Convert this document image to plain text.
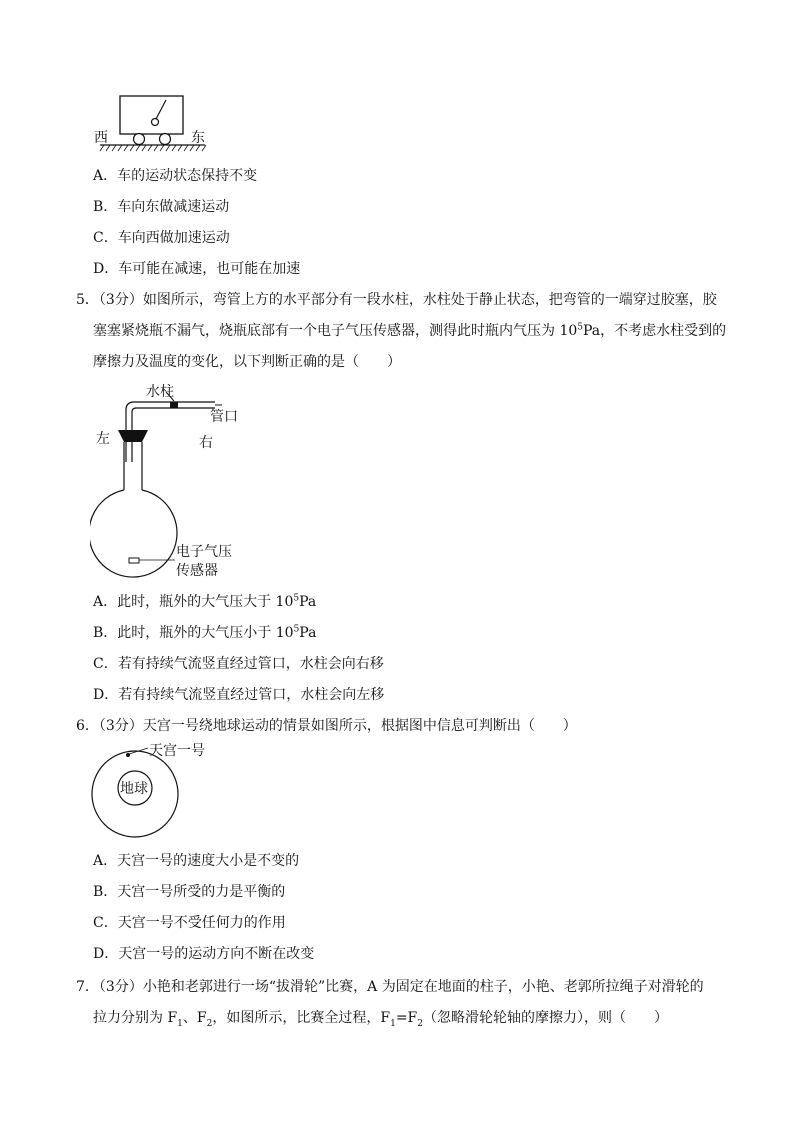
西	东
A．车的运动状态保持不变
B．车向东做减速运动
C．车向西做加速运动
D．车可能在减速，也可能在加速
5．（3分）如图所示，弯管上方的水平部分有一段水柱，水柱处于静止状态，把弯管的一端穿过胶塞，胶
塞塞紧烧瓶不漏气，烧瓶底部有一个电子气压传感器，测得此时瓶内气压为 $10^5Pa$，不考虑水柱受到的
摩擦力及温度的变化，以下判断正确的是（　　）
水柱
管口
左	右
电子气压
传感器
A．此时，瓶外的大气压大于 $10^5Pa$
B．此时，瓶外的大气压小于 $10^5Pa$
C．若有持续气流竖直经过管口，水柱会向右移
D．若有持续气流竖直经过管口，水柱会向左移
6．（3分）天宫一号绕地球运动的情景如图所示，根据图中信息可判断出（　　）
天宫一号
地球
A．天宫一号的速度大小是不变的
B．天宫一号所受的力是平衡的
C．天宫一号不受任何力的作用
D．天宫一号的运动方向不断在改变
7．（3分）小艳和老郭进行一场“拔滑轮”比赛，A 为固定在地面的柱子，小艳、老郭所拉绳子对滑轮的
拉力分别为 $F_1$、$F_2$，如图所示，比赛全过程，$F_1=F_2$（忽略滑轮轮轴的摩擦力），则（　　）
